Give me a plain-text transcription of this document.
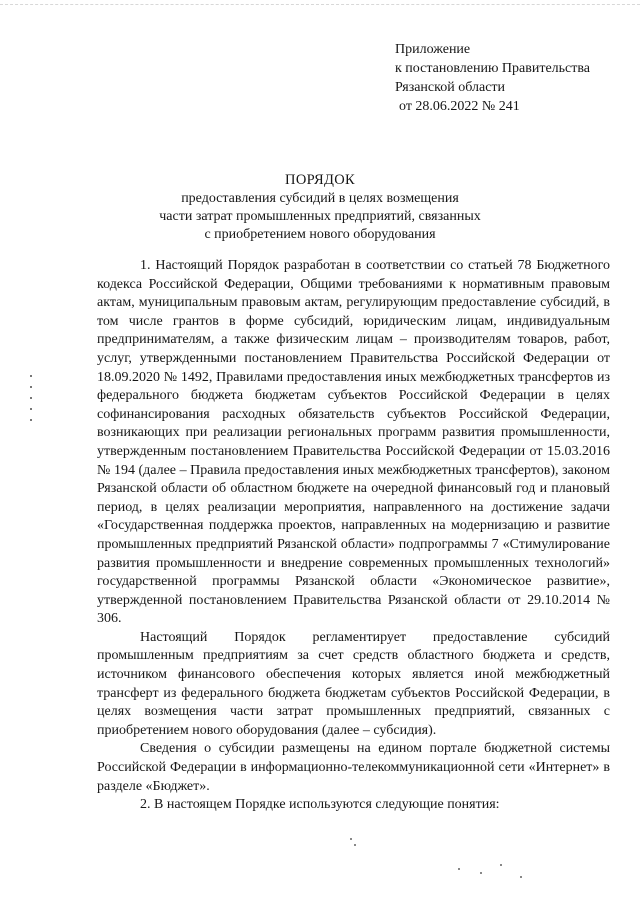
Приложение
к постановлению Правительства
Рязанской области
от 28.06.2022 № 241
ПОРЯДОК
предоставления субсидий в целях возмещения
части затрат промышленных предприятий, связанных
с приобретением нового оборудования

1. Настоящий Порядок разработан в соответствии со статьей 78 Бюджетного кодекса Российской Федерации, Общими требованиями к нормативным правовым актам, муниципальным правовым актам, регулирующим предоставление субсидий, в том числе грантов в форме субсидий, юридическим лицам, индивидуальным предпринимателям, а также физическим лицам – производителям товаров, работ, услуг, утвержденными постановлением Правительства Российской Федерации от 18.09.2020 № 1492, Правилами предоставления иных межбюджетных трансфертов из федерального бюджета бюджетам субъектов Российской Федерации в целях софинансирования расходных обязательств субъектов Российской Федерации, возникающих при реализации региональных программ развития промышленности, утвержденным постановлением Правительства Российской Федерации от 15.03.2016 № 194 (далее – Правила предоставления иных межбюджетных трансфертов), законом Рязанской области об областном бюджете на очередной финансовый год и плановый период, в целях реализации мероприятия, направленного на достижение задачи «Государственная поддержка проектов, направленных на модернизацию и развитие промышленных предприятий Рязанской области» подпрограммы 7 «Стимулирование развития промышленности и внедрение современных промышленных технологий» государственной программы Рязанской области «Экономическое развитие», утвержденной постановлением Правительства Рязанской области от 29.10.2014 № 306.

Настоящий Порядок регламентирует предоставление субсидий промышленным предприятиям за счет средств областного бюджета и средств, источником финансового обеспечения которых является иной межбюджетный трансферт из федерального бюджета бюджетам субъектов Российской Федерации, в целях возмещения части затрат промышленных предприятий, связанных с приобретением нового оборудования (далее – субсидия).

Сведения о субсидии размещены на едином портале бюджетной системы Российской Федерации в информационно-телекоммуникационной сети «Интернет» в разделе «Бюджет».

2. В настоящем Порядке используются следующие понятия:
